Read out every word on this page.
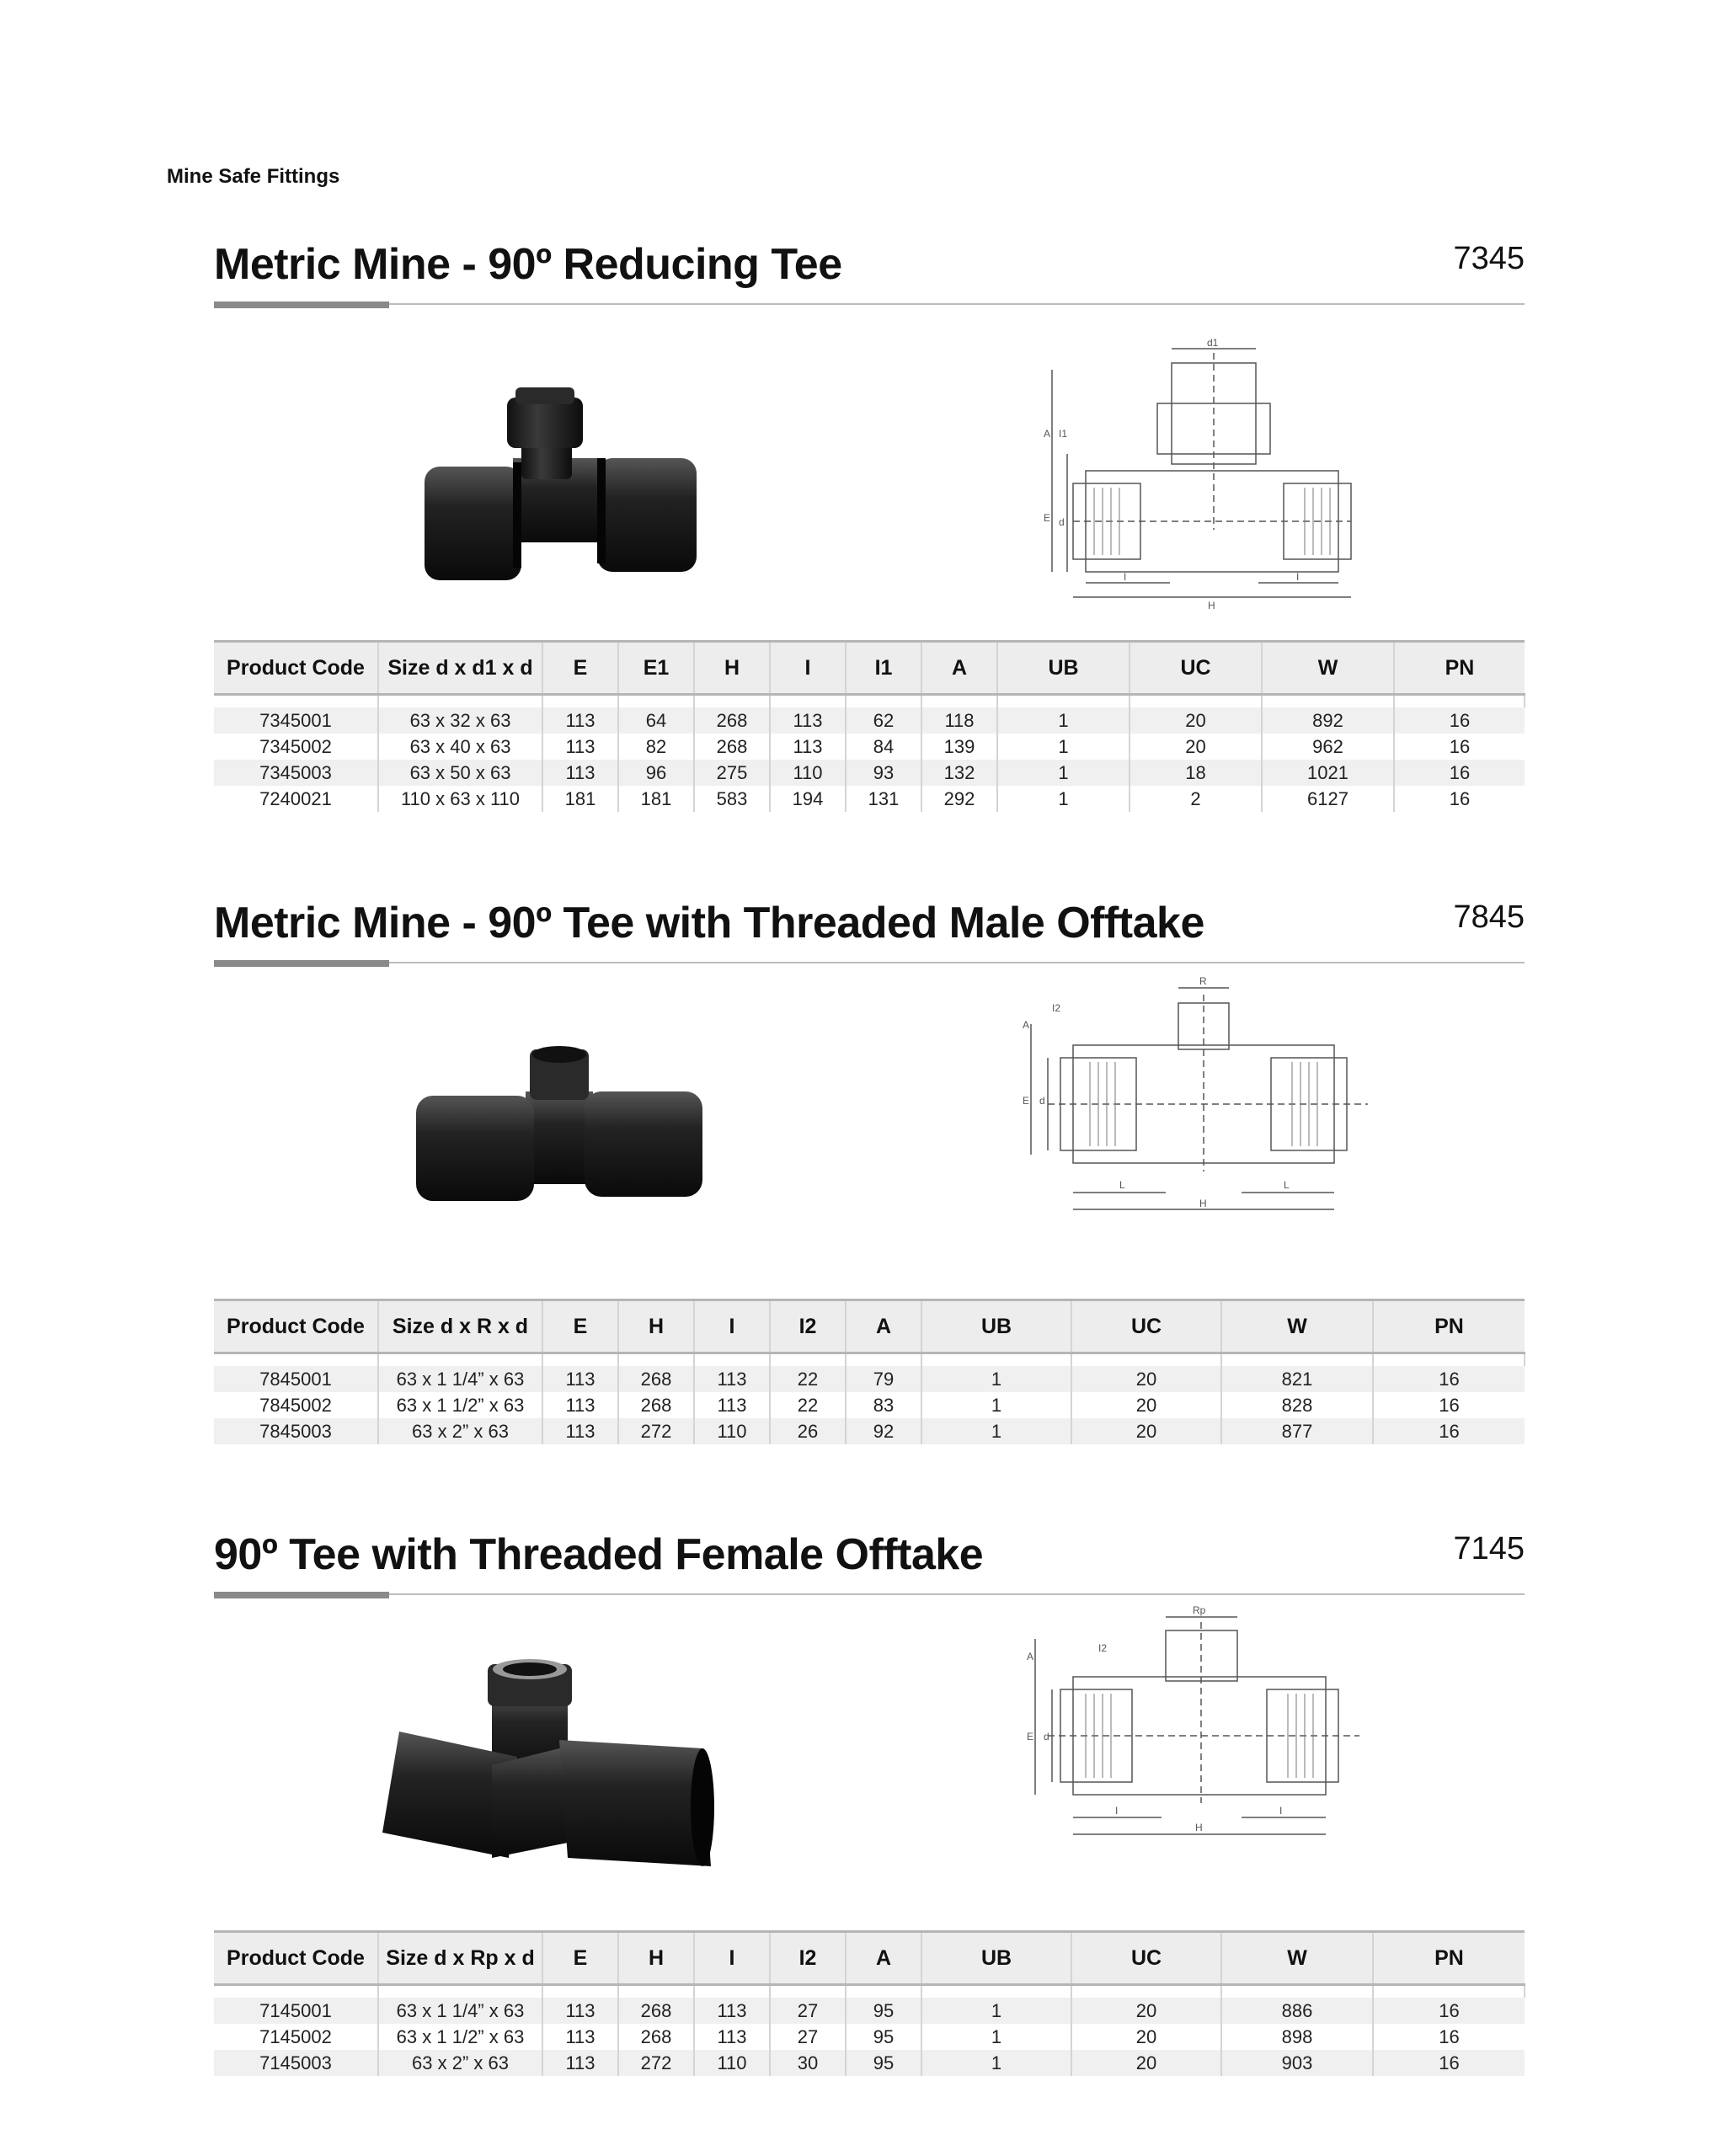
Mine Safe Fittings
Metric Mine - 90º Reducing Tee	7345
d1
A I1
E d
I	I
H
Product Code	Size d x d1 x d	E	E1	H	I	I1	A	UB	UC	W	PN

7345001	63 x 32 x 63	113	64	268	113	62	118	1	20	892	16
7345002	63 x 40 x 63	113	82	268	113	84	139	1	20	962	16
7345003	63 x 50 x 63	113	96	275	110	93	132	1	18	1021	16
7240021	110 x 63 x 110	181	181	583	194	131	292	1	2	6127	16
Metric Mine - 90º Tee with Threaded Male Offtake	7845
R
A
I2
E d
L	L
H
Product Code	Size d x R x d	E	H	I	I2	A	UB	UC	W	PN

7845001	63 x 1 1/4” x 63	113	268	113	22	79	1	20	821	16
7845002	63 x 1 1/2” x 63	113	268	113	22	83	1	20	828	16
7845003	63 x 2” x 63	113	272	110	26	92	1	20	877	16
90º Tee with Threaded Female Offtake	7145
Rp
A
I2
E d
I	I
H
Product Code	Size d x Rp x d	E	H	I	I2	A	UB	UC	W	PN

7145001	63 x 1 1/4” x 63	113	268	113	27	95	1	20	886	16
7145002	63 x 1 1/2” x 63	113	268	113	27	95	1	20	898	16
7145003	63 x 2” x 63	113	272	110	30	95	1	20	903	16
